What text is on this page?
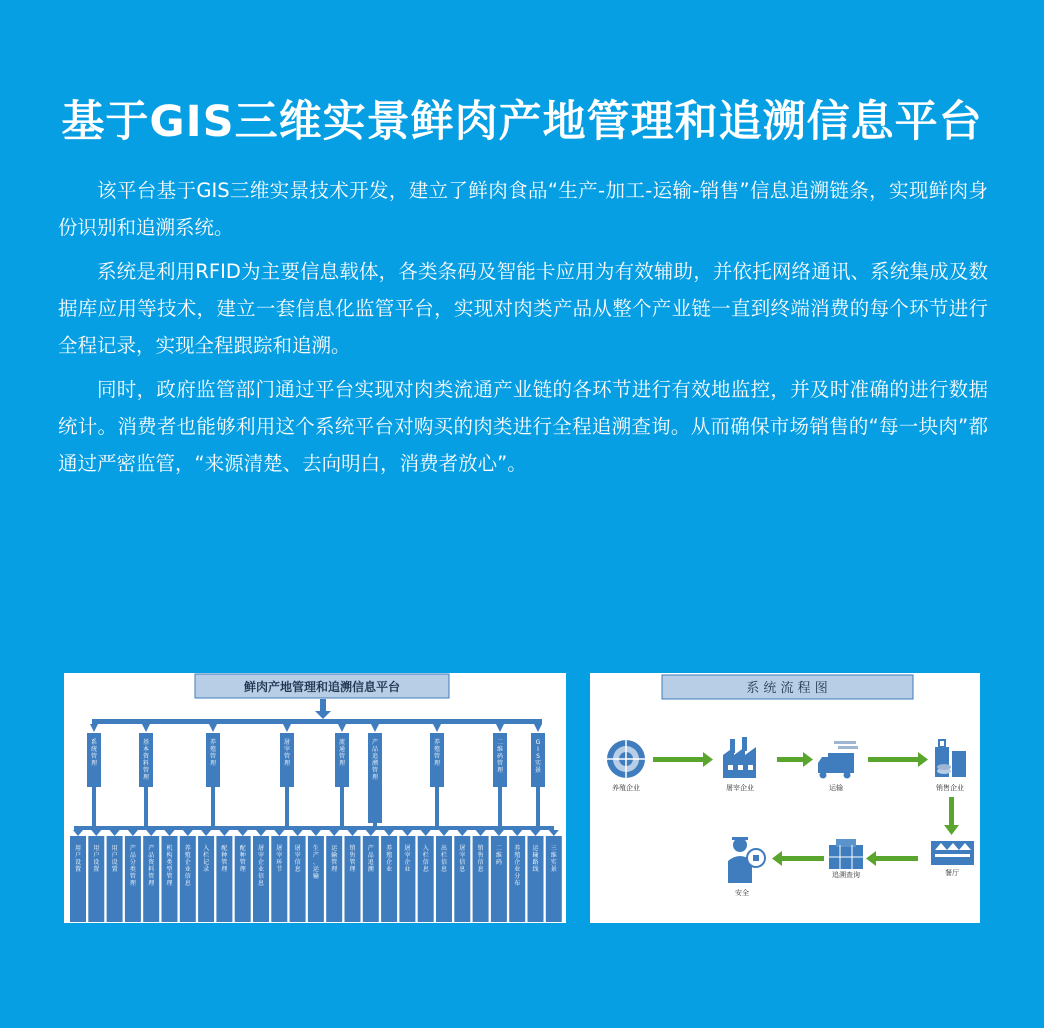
基于GIS三维实景鲜肉产地管理和追溯信息平台

该平台基于GIS三维实景技术开发，建立了鲜肉食品“生产-加工-运输-销售”信息追溯链条，实现鲜肉身份识别和追溯系统。

系统是利用RFID为主要信息载体，各类条码及智能卡应用为有效辅助，并依托网络通讯、系统集成及数据库应用等技术，建立一套信息化监管平台，实现对肉类产品从整个产业链一直到终端消费的每个环节进行全程记录，实现全程跟踪和追溯。

同时，政府监管部门通过平台实现对肉类流通产业链的各环节进行有效地监控，并及时准确的进行数据统计。消费者也能够利用这个系统平台对购买的肉类进行全程追溯查询。从而确保市场销售的“每一块肉”都通过严密监管，“来源清楚、去向明白，消费者放心”。

鲜肉产地管理和追溯信息平台
系统管理
基本资料管理
养殖管理
屠宰管理
流通管理
产品追溯管理
养殖管理
二维码管理
G I S 实景
用户设置
用户设置
用户设置
产品分类管理
产品资料管理
机构类型管理
养殖企业信息
入栏记录
配种管理
配种管理
屠宰企业信息
屠宰环节
屠宰信息
生产、运输
运输管理
销售管理
产品追溯
养殖企业
屠宰企业
入栏信息
出栏信息
屠宰信息
销售信息
二维码
养殖企业分布
运输路线
三维实景
系 统 流 程 图
养殖企业	屠宰企业	运输	销售企业
餐厅
追溯查询
安全
